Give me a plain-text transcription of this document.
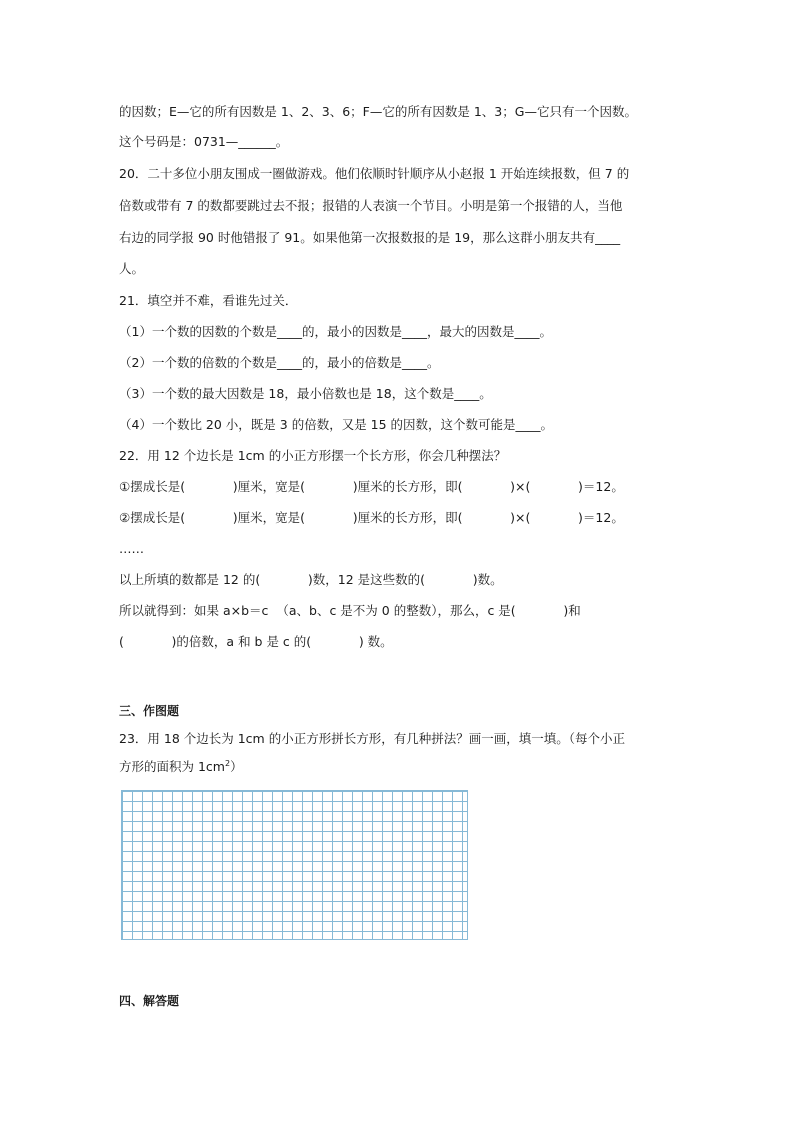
的因数；E—它的所有因数是 1、2、3、6；F—它的所有因数是 1、3；G—它只有一个因数。
这个号码是：0731—______。
20．二十多位小朋友围成一圈做游戏。他们依顺时针顺序从小赵报 1 开始连续报数，但 7 的
倍数或带有 7 的数都要跳过去不报；报错的人表演一个节目。小明是第一个报错的人，当他
右边的同学报 90 时他错报了 91。如果他第一次报数报的是 19，那么这群小朋友共有____
人。
21．填空并不难，看谁先过关．
（1）一个数的因数的个数是____的，最小的因数是____，最大的因数是____。
（2）一个数的倍数的个数是____的，最小的倍数是____。
（3）一个数的最大因数是 18，最小倍数也是 18，这个数是____。
（4）一个数比 20 小，既是 3 的倍数，又是 15 的因数，这个数可能是____。
22．用 12 个边长是 1cm 的小正方形摆一个长方形，你会几种摆法？
①摆成长是(            )厘米，宽是(            )厘米的长方形，即(            )×(            )＝12。
②摆成长是(            )厘米，宽是(            )厘米的长方形，即(            )×(            )＝12。
……
以上所填的数都是 12 的(            )数，12 是这些数的(            )数。
所以就得到：如果 a×b＝c  （a、b、c 是不为 0 的整数），那么，c 是(            )和
(            )的倍数，a 和 b 是 c 的(            ) 数。
三、作图题
23．用 18 个边长为 1cm 的小正方形拼长方形，有几种拼法？画一画，填一填。（每个小正
方形的面积为 $1cm^2$）
四、解答题
